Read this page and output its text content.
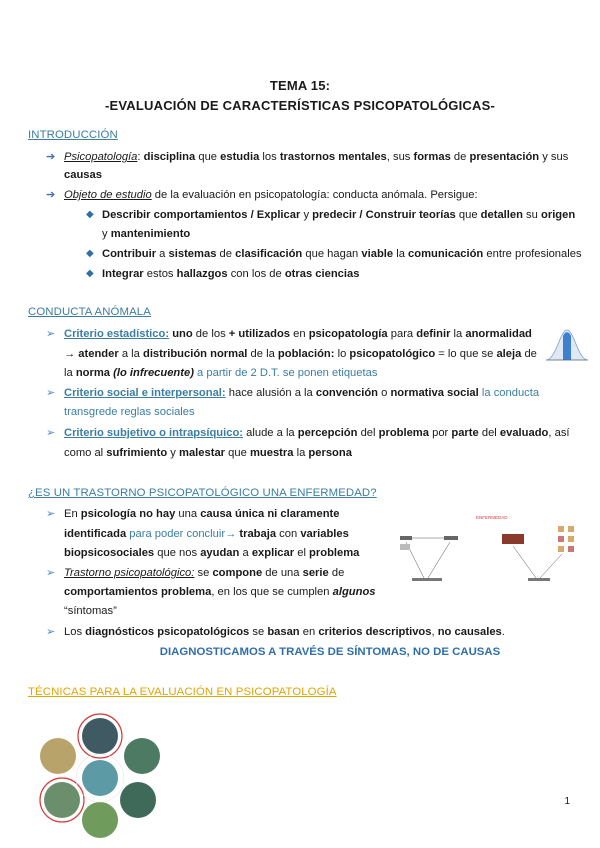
TEMA 15:
-EVALUACIÓN DE CARACTERÍSTICAS PSICOPATOLÓGICAS-
INTRODUCCIÓN
➔ Psicopatología: disciplina que estudia los trastornos mentales, sus formas de presentación y sus
causas
➔ Objeto de estudio de la evaluación en psicopatología: conducta anómala. Persigue:
◆ Describir comportamientos / Explicar y predecir / Construir teorías que detallen su origen
y mantenimiento
◆ Contribuir a sistemas de clasificación que hagan viable la comunicación entre profesionales
◆ Integrar estos hallazgos con los de otras ciencias
CONDUCTA ANÓMALA
➢ Criterio estadístico: uno de los + utilizados en psicopatología para definir la anormalidad
→ atender a la distribución normal de la población: lo psicopatológico = lo que se aleja de
la norma (lo infrecuente) a partir de 2 D.T. se ponen etiquetas
➢ Criterio social e interpersonal: hace alusión a la convención o normativa social la conducta
transgrede reglas sociales
➢ Criterio subjetivo o intrapsíquico: alude a la percepción del problema por parte del evaluado, así
como al sufrimiento y malestar que muestra la persona
¿ES UN TRASTORNO PSICOPATOLÓGICO UNA ENFERMEDAD?
➢ En psicología no hay una causa única ni claramente
identificada para poder concluir→ trabaja con variables
biopsicosociales que nos ayudan a explicar el problema
➢ Trastorno psicopatológico: se compone de una serie de
comportamientos problema, en los que se cumplen algunos
“síntomas”
➢ Los diagnósticos psicopatológicos se basan en criterios descriptivos, no causales.
DIAGNOSTICAMOS A TRAVÉS DE SÍNTOMAS, NO DE CAUSAS
ENFERMEDAD
TÉCNICAS PARA LA EVALUACIÓN EN PSICOPATOLOGÍA
1
